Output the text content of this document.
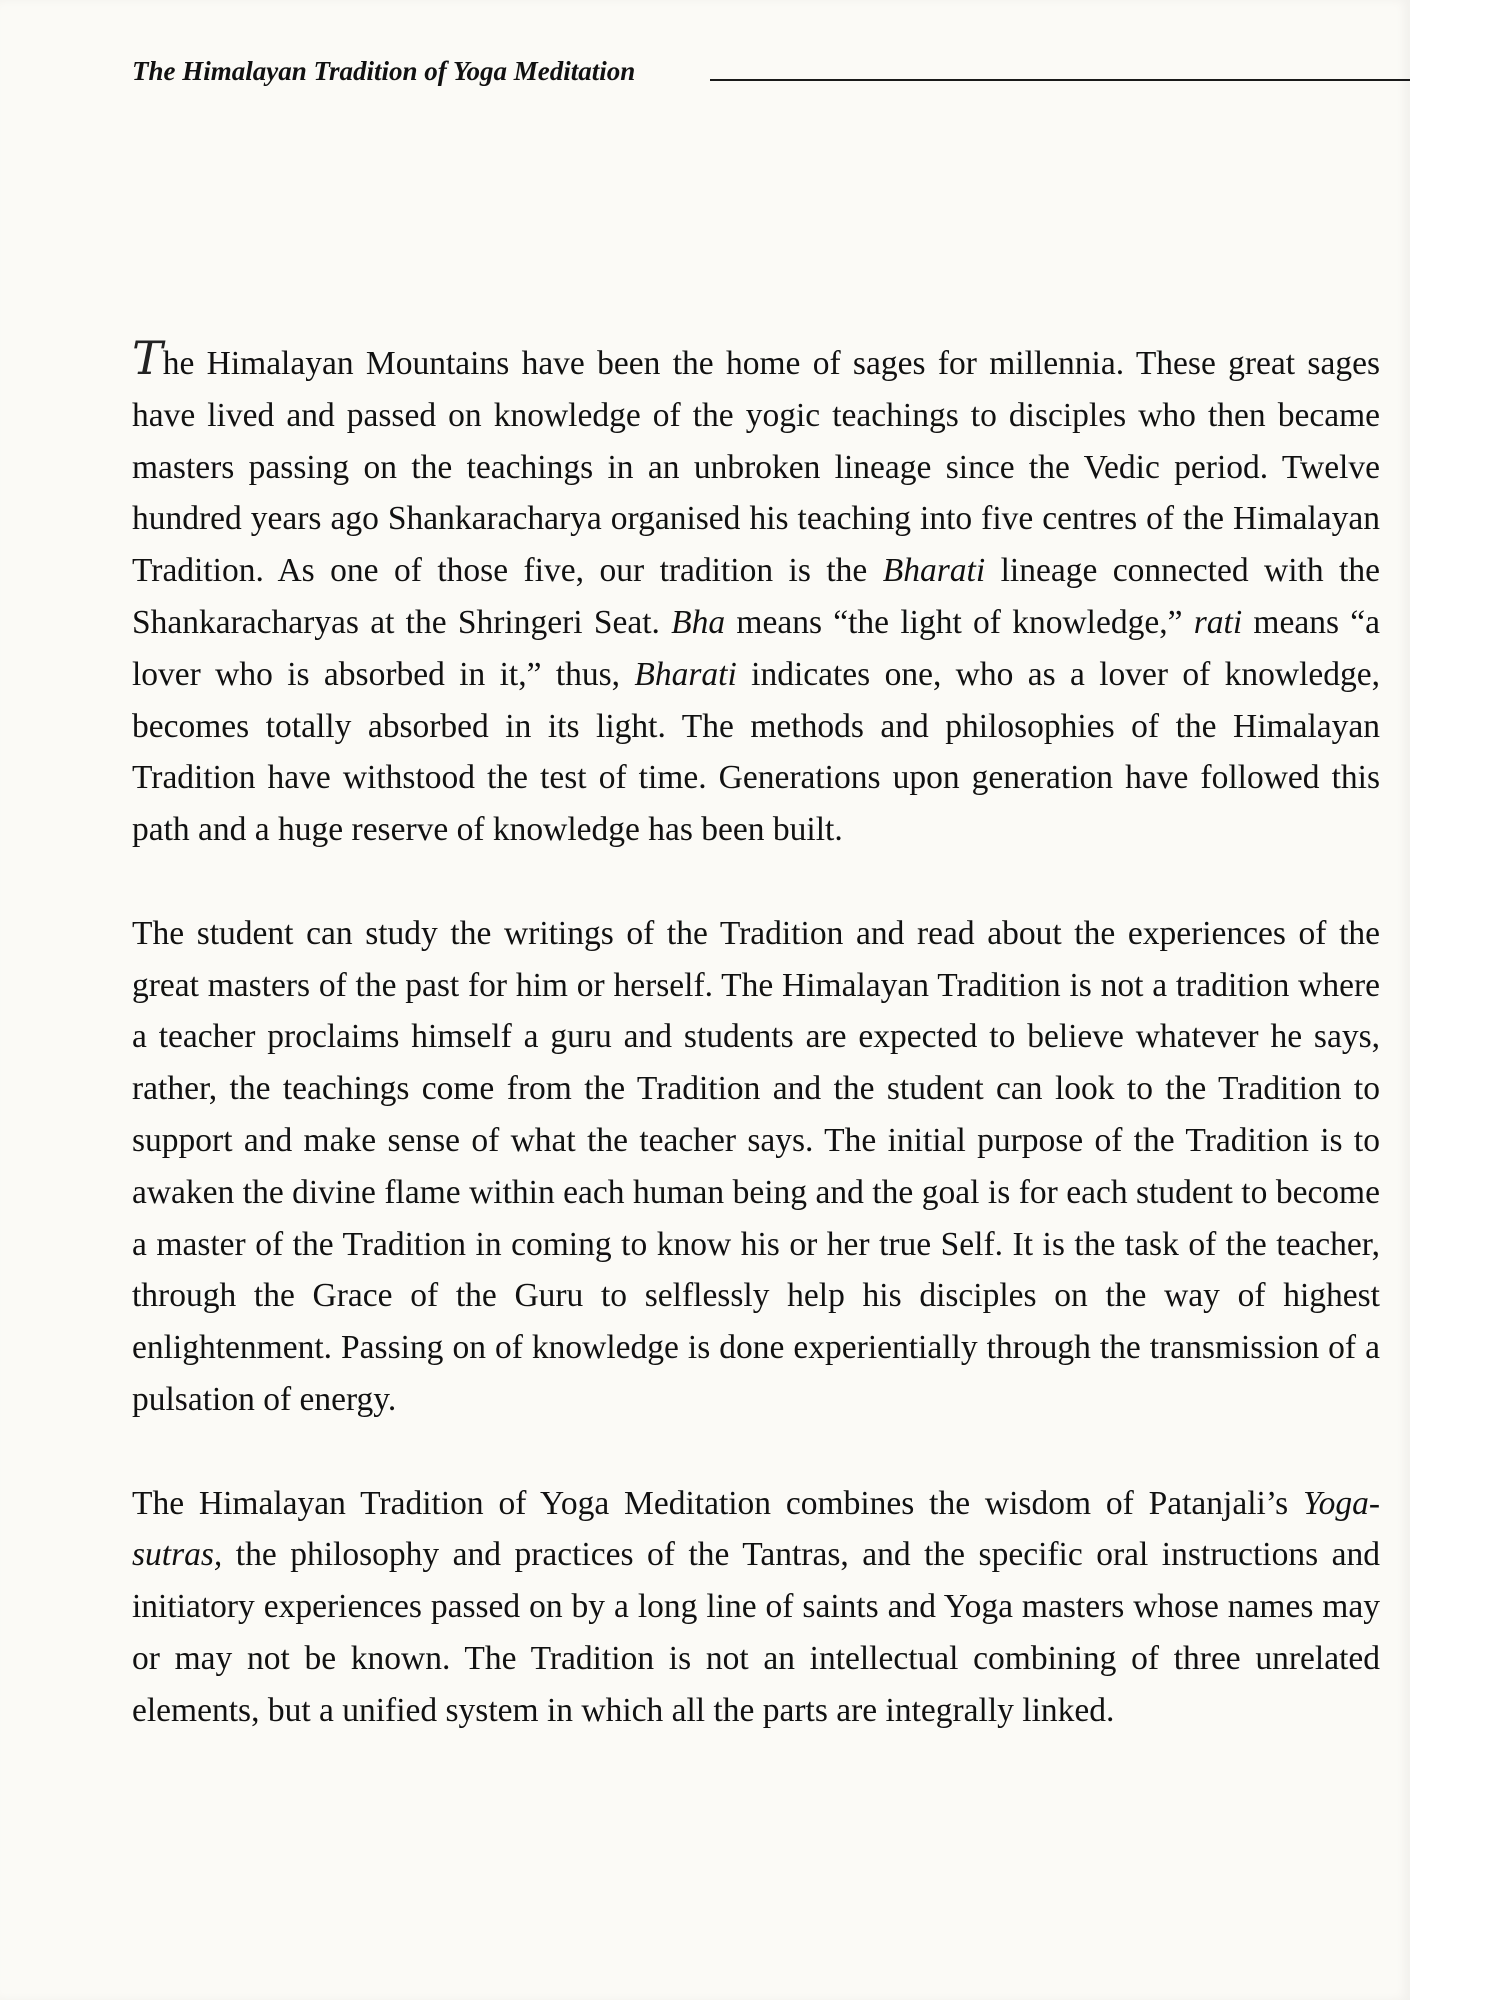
The Himalayan Tradition of Yoga Meditation

The Himalayan Mountains have been the home of sages for millennia. These great sages have lived and passed on knowledge of the yogic teachings to disciples who then became masters passing on the teachings in an unbroken lineage since the Vedic period. Twelve hundred years ago Shankaracharya organised his teaching into five centres of the Himalayan Tradition. As one of those five, our tradition is the Bharati lineage connected with the Shankaracharyas at the Shringeri Seat. Bha means “the light of knowledge,” rati means “a lover who is absorbed in it,” thus, Bharati indicates one, who as a lover of knowledge, becomes totally absorbed in its light. The methods and philosophies of the Himalayan Tradition have withstood the test of time. Generations upon generation have followed this path and a huge reserve of knowledge has been built.

The student can study the writings of the Tradition and read about the experiences of the great masters of the past for him or herself. The Himalayan Tradition is not a tradition where a teacher proclaims himself a guru and students are expected to believe whatever he says, rather, the teachings come from the Tradition and the student can look to the Tradition to support and make sense of what the teacher says. The initial purpose of the Tradition is to awaken the divine flame within each human being and the goal is for each student to become a master of the Tradition in coming to know his or her true Self. It is the task of the teacher, through the Grace of the Guru to selflessly help his disciples on the way of highest enlightenment. Passing on of knowledge is done experientially through the transmission of a pulsation of energy.

The Himalayan Tradition of Yoga Meditation combines the wisdom of Patanjali’s Yoga-sutras, the philosophy and practices of the Tantras, and the specific oral instructions and initiatory experiences passed on by a long line of saints and Yoga masters whose names may or may not be known. The Tradition is not an intellectual combining of three unrelated elements, but a unified system in which all the parts are integrally linked.
